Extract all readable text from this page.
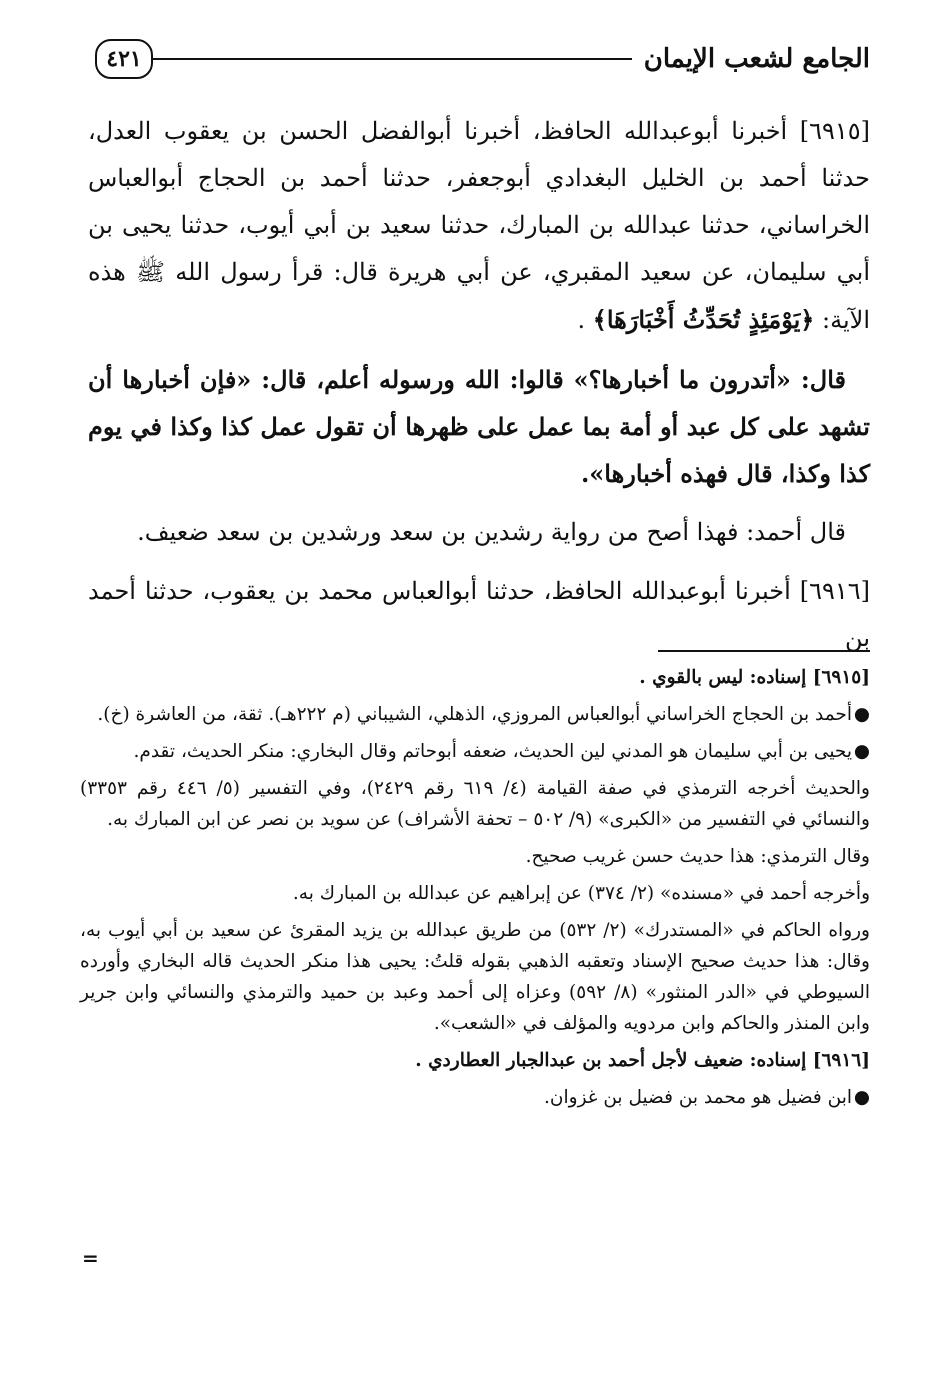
الجامع لشعب الإيمان
٤٢١

[٦٩١٥] أخبرنا أبوعبدالله الحافظ، أخبرنا أبوالفضل الحسن بن يعقوب العدل، حدثنا أحمد بن الخليل البغدادي أبوجعفر، حدثنا أحمد بن الحجاج أبوالعباس الخراساني، حدثنا عبدالله بن المبارك، حدثنا سعيد بن أبي أيوب، حدثنا يحيى بن أبي سليمان، عن سعيد المقبري، عن أبي هريرة قال: قرأ رسول الله ﷺ هذه الآية: ﴿يَوْمَئِذٍ تُحَدِّثُ أَخْبَارَهَا﴾ .

قال: «أتدرون ما أخبارها؟» قالوا: الله ورسوله أعلم، قال: «فإن أخبارها أن تشهد على كل عبد أو أمة بما عمل على ظهرها أن تقول عمل كذا وكذا في يوم كذا وكذا، قال فهذه أخبارها».

قال أحمد: فهذا أصح من رواية رشدين بن سعد ورشدين بن سعد ضعيف.

[٦٩١٦] أخبرنا أبوعبدالله الحافظ، حدثنا أبوالعباس محمد بن يعقوب، حدثنا أحمد بن

[٦٩١٥] إسناده: ليس بالقوي .

●أحمد بن الحجاج الخراساني أبوالعباس المروزي، الذهلي، الشيباني (م ٢٢٢هـ). ثقة، من العاشرة (خ).

●يحيى بن أبي سليمان هو المدني لين الحديث، ضعفه أبوحاتم وقال البخاري: منكر الحديث، تقدم.

والحديث أخرجه الترمذي في صفة القيامة (٤/ ٦١٩ رقم ٢٤٢٩)، وفي التفسير (٥/ ٤٤٦ رقم ٣٣٥٣) والنسائي في التفسير من «الكبرى» (٩/ ٥٠٢ – تحفة الأشراف) عن سويد بن نصر عن ابن المبارك به.

وقال الترمذي: هذا حديث حسن غريب صحيح.

وأخرجه أحمد في «مسنده» (٢/ ٣٧٤) عن إبراهيم عن عبدالله بن المبارك به.

ورواه الحاكم في «المستدرك» (٢/ ٥٣٢) من طريق عبدالله بن يزيد المقرئ عن سعيد بن أبي أيوب به، وقال: هذا حديث صحيح الإسناد وتعقبه الذهبي بقوله قلتُ: يحيى هذا منكر الحديث قاله البخاري وأورده السيوطي في «الدر المنثور» (٨/ ٥٩٢) وعزاه إلى أحمد وعبد بن حميد والترمذي والنسائي وابن جرير وابن المنذر والحاكم وابن مردويه والمؤلف في «الشعب».

[٦٩١٦] إسناده: ضعيف لأجل أحمد بن عبدالجبار العطاردي .

●ابن فضيل هو محمد بن فضيل بن غزوان.

=
